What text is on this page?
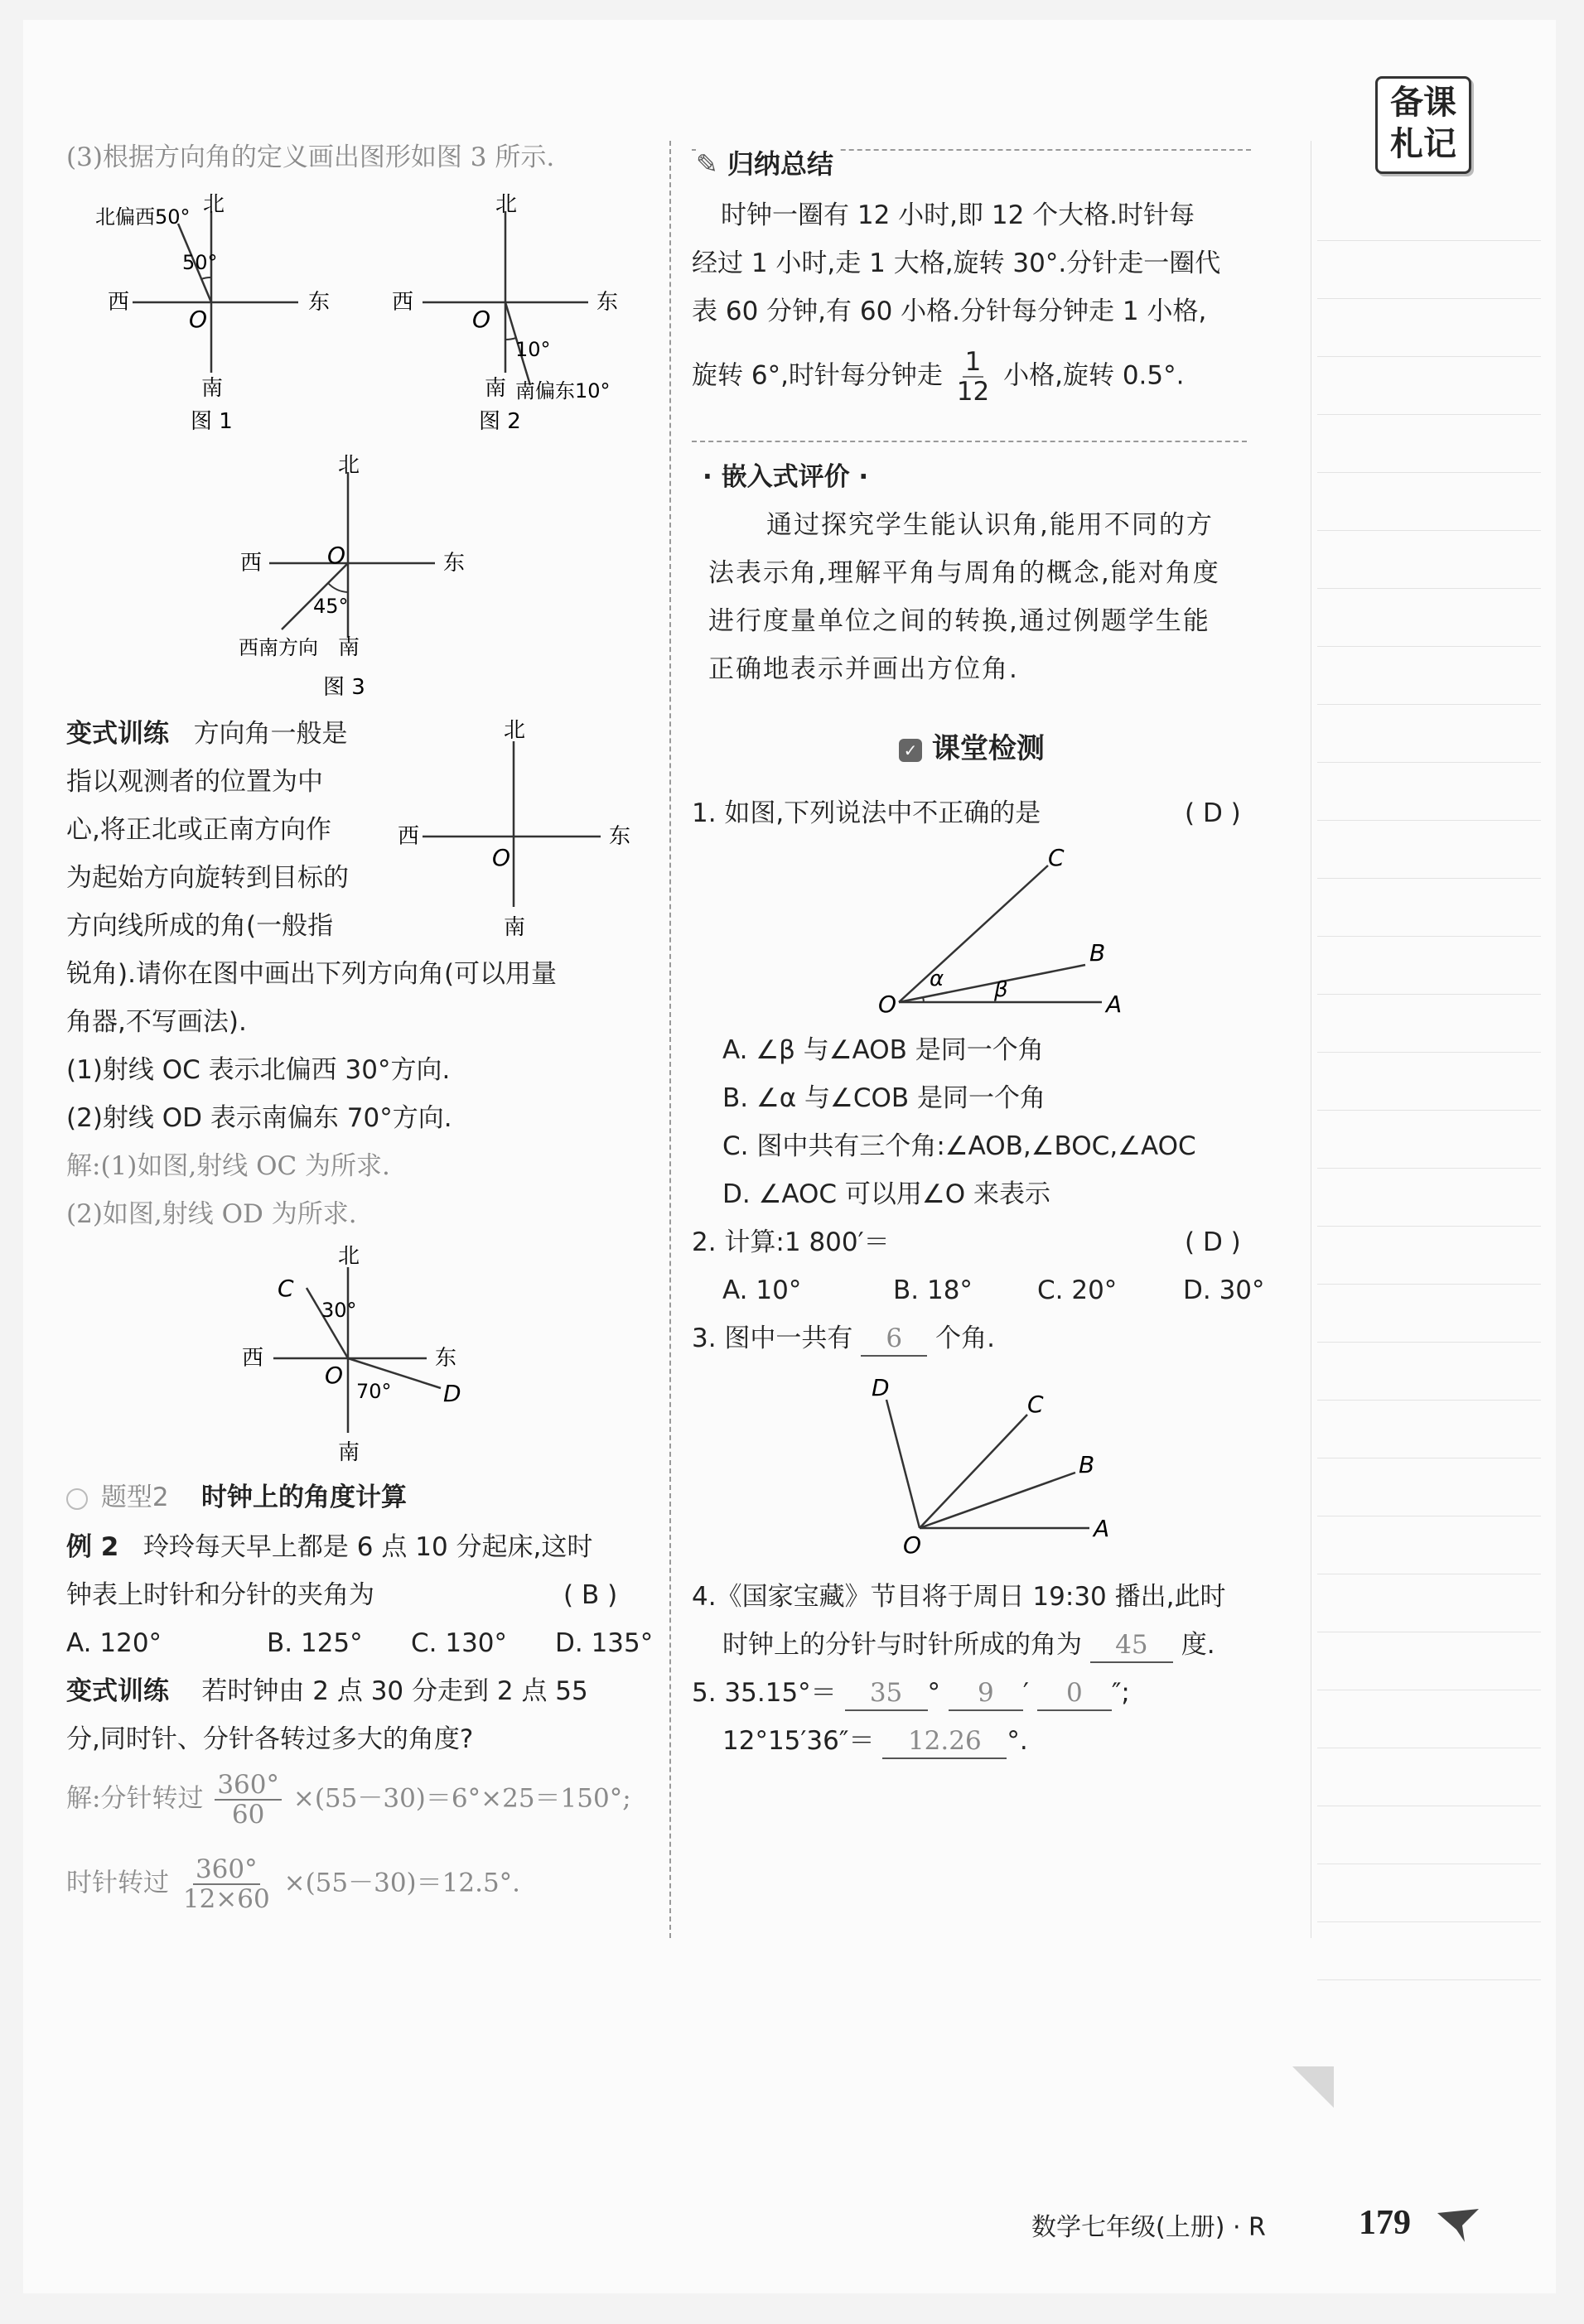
备课
札记
(3)根据方向角的定义画出图形如图 3 所示.
北
北偏西50°
50°
西	东
O
南
图 1
北
西	东
O
10°
南 南偏东10°
图 2
北
西	东
O
45°
西南方向 南
图 3
变式训练 方向角一般是
指以观测者的位置为中
心,将正北或正南方向作
为起始方向旋转到目标的
方向线所成的角(一般指
锐角).请你在图中画出下列方向角(可以用量
角器,不写画法).
(1)射线 OC 表示北偏西 30°方向.
(2)射线 OD 表示南偏东 70°方向.
解:(1)如图,射线 OC 为所求.
(2)如图,射线 OD 为所求.
北
西	东
O
南
北
C
30°
西	东
O
70° D
南
题型2 时钟上的角度计算
例 2 玲玲每天早上都是 6 点 10 分起床,这时
钟表上时针和分针的夹角为	( B )
A. 120°	B. 125° C. 130° D. 135°
变式训练 若时钟由 2 点 30 分走到 2 点 55
分,同时针、分针各转过多大的角度?
解:分针转过 $\frac{360^\circ}{60} \times(55-30)=6^\circ\times 25=150^\circ$;
时针转过 $\frac{360^\circ}{12\times 60} \times(55-30)=12.5^\circ$.
✎ 归纳总结
时钟一圈有 12 小时,即 12 个大格.时针每
经过 1 小时,走 1 大格,旋转 30°.分针走一圈代
表 60 分钟,有 60 小格.分针每分钟走 1 小格,
旋转 6°,时针每分钟走 $\frac{1}{12}$ 小格,旋转 0.5°.
· 嵌入式评价 ·
通过探究学生能认识角,能用不同的方
法表示角,理解平角与周角的概念,能对角度
进行度量单位之间的转换,通过例题学生能
正确地表示并画出方位角.
✓ 课堂检测
1. 如图,下列说法中不正确的是	( D )
C
B
α β
O	A
A. ∠β 与∠AOB 是同一个角
B. ∠α 与∠COB 是同一个角
C. 图中共有三个角:∠AOB,∠BOC,∠AOC
D. ∠AOC 可以用∠O 来表示
2. 计算:1 800′＝	( D )
A. 10°	B. 18°	C. 20°	D. 30°
3. 图中一共有 6 个角.
D
C
B
A
O
4.《国家宝藏》节目将于周日 19:30 播出,此时
时钟上的分针与时针所成的角为 45 度.
5. 35.15°＝ 35 ° 9 ′ 0 ″;
12°15′36″＝ 12.26 °.
数学七年级(上册) · R	179
